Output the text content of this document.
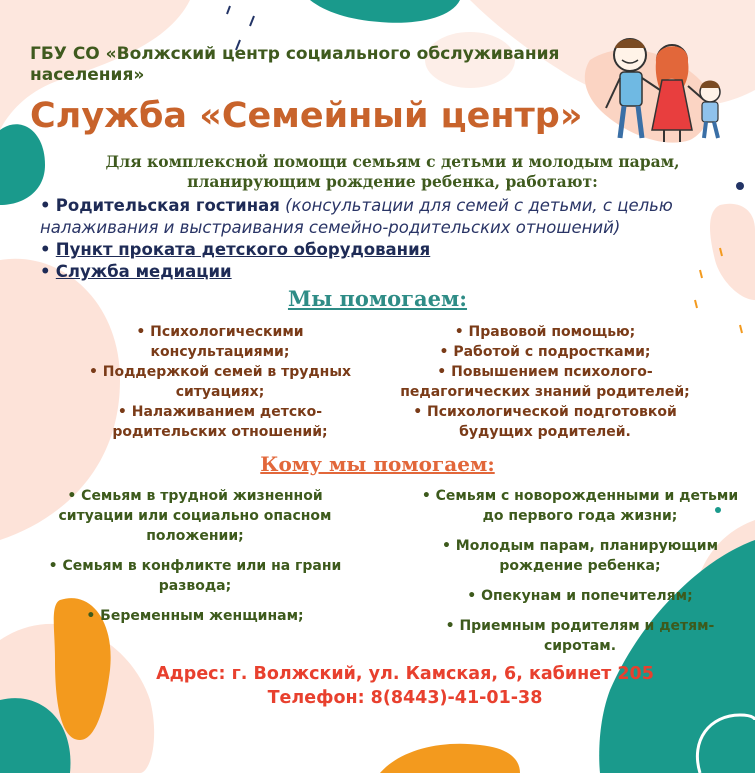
ГБУ СО «Волжский центр социального обслуживания населения»
Служба «Семейный центр»
Для комплексной помощи семьям с детьми и молодым парам, планирующим рождение ребенка, работают:

• Родительская гостиная (консультации для семей с детьми, с целью налаживания и выстраивания семейно-родительских отношений)

• Пункт проката детского оборудования

• Служба медиации

Мы помогаем:

• Психологическими консультациями;

• Поддержкой семей в трудных ситуациях;

• Налаживанием детско-родительских отношений;

• Правовой помощью;

• Работой с подростками;

• Повышением психолого-педагогических знаний родителей;

• Психологической подготовкой будущих родителей.

Кому мы помогаем:

• Семьям в трудной жизненной ситуации или социально опасном положении;

• Семьям в конфликте или на грани развода;

• Беременным женщинам;

• Семьям с новорожденными и детьми до первого года жизни;

• Молодым парам, планирующим рождение ребенка;

• Опекунам и попечителям;

• Приемным родителям и детям-сиротам.

Адрес: г. Волжский, ул. Камская, 6, кабинет 205
Телефон: 8(8443)-41-01-38
